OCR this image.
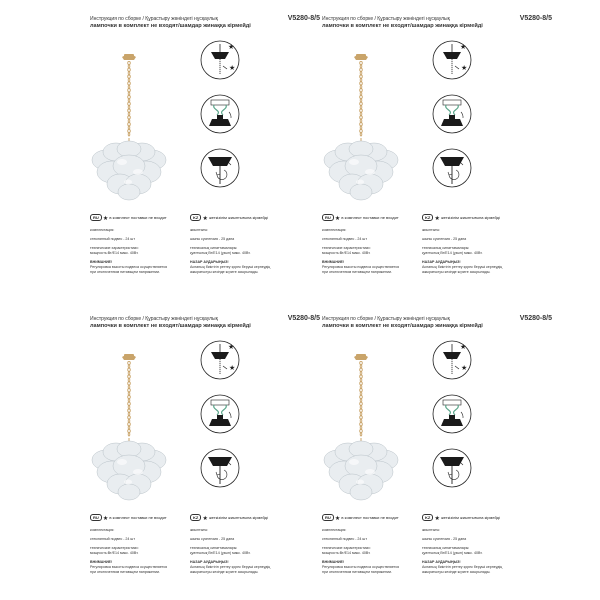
Инструкция по сборке / Құрастыру жөніндегі нұсқаулық	V5280-8/5
лампочки в комплект не входят/шамдар жинаққа кірмейді
★
★
RU ★ в комплект поставки не входит	KZ ★ жеткізілім жиынтығына кірмейді
комплектация:
стеклянный подвес - 24 шт
технические характеристики:
мощность:Вт/Е14 макс. 40Вт.
ВНИМАНИЕ!
Регулировка высоты подвеса осуществляется
при отключенном питающем напряжении.
жиынтығы:
шыны суспензия - 25 дана
техникалық сипаттамалары:
қуаттылық Вт/Е14 (ұзын) макс. 40Вт.
НАЗАР АУДАРЫҢЫЗ!
Аспаның биіктігін реттеу қорек беруші кернеудің
ажыратылуы кезінде жүзеге асырылады.
Инструкция по сборке / Құрастыру жөніндегі нұсқаулық	V5280-8/5
лампочки в комплект не входят/шамдар жинаққа кірмейді
★
★
RU ★ в комплект поставки не входит	KZ ★ жеткізілім жиынтығына кірмейді
комплектация:
стеклянный подвес - 24 шт
технические характеристики:
мощность:Вт/Е14 макс. 40Вт.
ВНИМАНИЕ!
Регулировка высоты подвеса осуществляется
при отключенном питающем напряжении.
жиынтығы:
шыны суспензия - 25 дана
техникалық сипаттамалары:
қуаттылық Вт/Е14 (ұзын) макс. 40Вт.
НАЗАР АУДАРЫҢЫЗ!
Аспаның биіктігін реттеу қорек беруші кернеудің
ажыратылуы кезінде жүзеге асырылады.
Инструкция по сборке / Құрастыру жөніндегі нұсқаулық	V5280-8/5
лампочки в комплект не входят/шамдар жинаққа кірмейді
★
★
RU ★ в комплект поставки не входит	KZ ★ жеткізілім жиынтығына кірмейді
комплектация:
стеклянный подвес - 24 шт
технические характеристики:
мощность:Вт/Е14 макс. 40Вт.
ВНИМАНИЕ!
Регулировка высоты подвеса осуществляется
при отключенном питающем напряжении.
жиынтығы:
шыны суспензия - 25 дана
техникалық сипаттамалары:
қуаттылық Вт/Е14 (ұзын) макс. 40Вт.
НАЗАР АУДАРЫҢЫЗ!
Аспаның биіктігін реттеу қорек беруші кернеудің
ажыратылуы кезінде жүзеге асырылады.
Инструкция по сборке / Құрастыру жөніндегі нұсқаулық	V5280-8/5
лампочки в комплект не входят/шамдар жинаққа кірмейді
★
★
RU ★ в комплект поставки не входит	KZ ★ жеткізілім жиынтығына кірмейді
комплектация:
стеклянный подвес - 24 шт
технические характеристики:
мощность:Вт/Е14 макс. 40Вт.
ВНИМАНИЕ!
Регулировка высоты подвеса осуществляется
при отключенном питающем напряжении.
жиынтығы:
шыны суспензия - 25 дана
техникалық сипаттамалары:
қуаттылық Вт/Е14 (ұзын) макс. 40Вт.
НАЗАР АУДАРЫҢЫЗ!
Аспаның биіктігін реттеу қорек беруші кернеудің
ажыратылуы кезінде жүзеге асырылады.
